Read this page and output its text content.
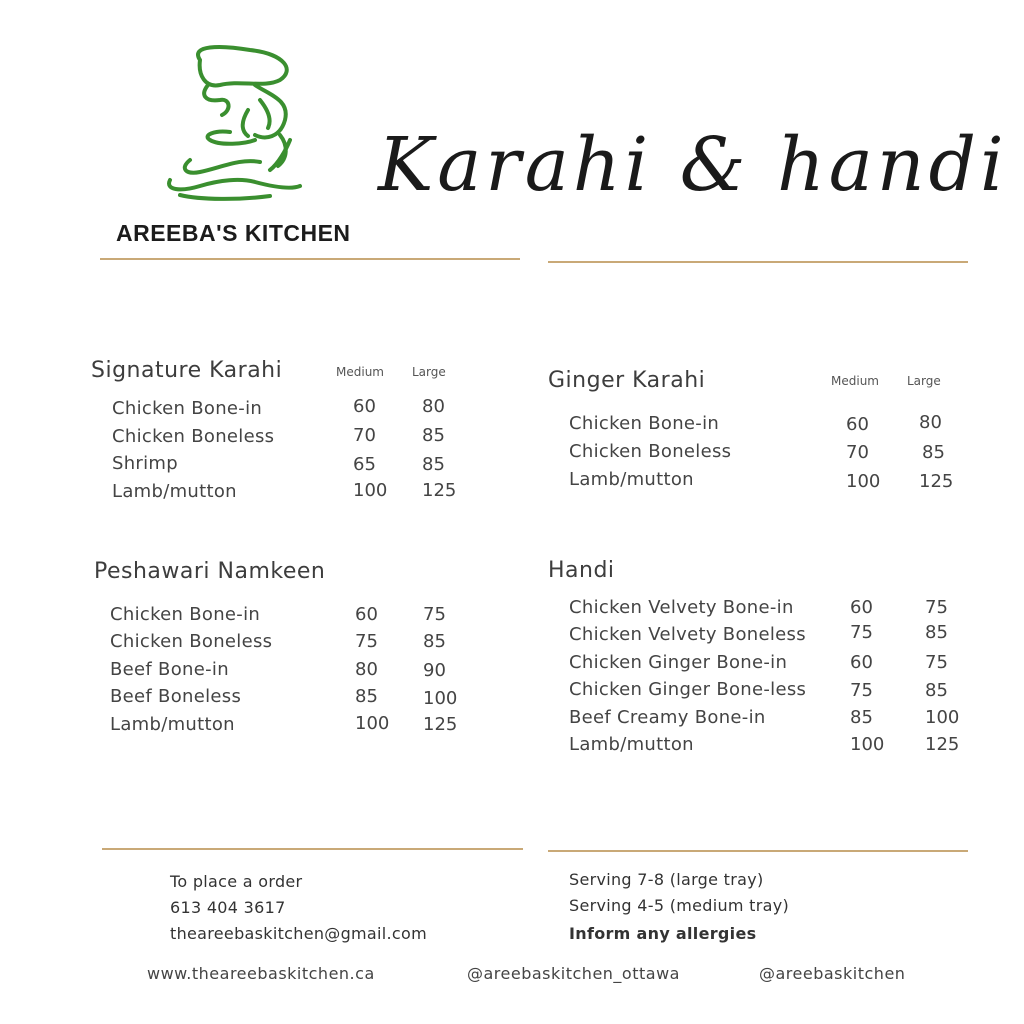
AREEBA'S KITCHEN
Karahi & handi
Signature Karahi	Medium Large
Chicken Bone-in	60	80
Chicken Boneless	70	85
Shrimp	65	85
Lamb/mutton	100 125
Ginger Karahi	Medium Large
Chicken Bone-in	60	80
Chicken Boneless	70	85
Lamb/mutton	100 125
Peshawari Namkeen
Chicken Bone-in	60	75
Chicken Boneless	75	85
Beef Bone-in	80	90
Beef Boneless	85	100
Lamb/mutton	100 125
Handi
Chicken Velvety Bone-in	60	75
Chicken Velvety Boneless 75	85
Chicken Ginger Bone-in	60	75
Chicken Ginger Bone-less 75	85
Beef Creamy Bone-in	85	100
Lamb/mutton	100 125
To place a order
613 404 3617
theareebaskitchen@gmail.com
Serving 7-8 (large tray)
Serving 4-5 (medium tray)
Inform any allergies
www.theareebaskitchen.ca	@areebaskitchen_ottawa	@areebaskitchen
